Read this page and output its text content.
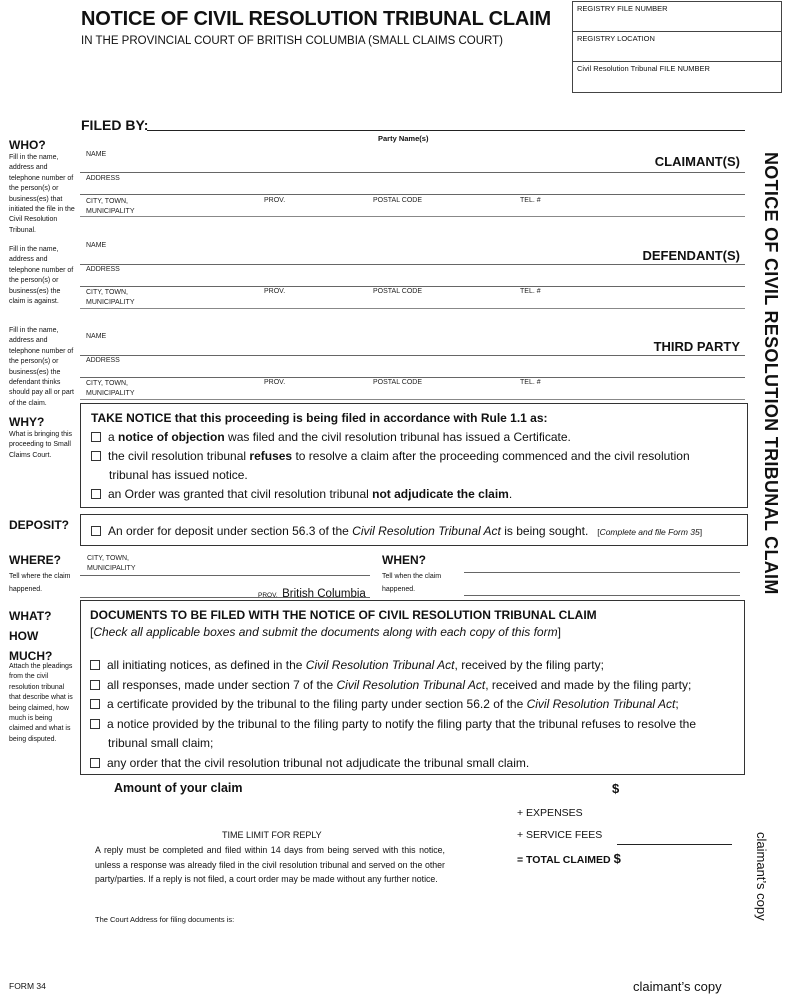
NOTICE OF CIVIL RESOLUTION TRIBUNAL CLAIM
IN THE PROVINCIAL COURT OF BRITISH COLUMBIA (SMALL CLAIMS COURT)
REGISTRY FILE NUMBER
REGISTRY LOCATION
Civil Resolution Tribunal FILE NUMBER
FILED BY:
Party Name(s)
WHO?
Fill in the name, address and telephone number of the person(s) or business(es) that initiated the file in the Civil Resolution Tribunal.
NAME	CLAIMANT(S)
ADDRESS
CITY, TOWN,
MUNICIPALITY
PROV.	POSTAL CODE	TEL. #
Fill in the name, address and telephone number of the person(s) or business(es) the claim is against.
NAME
DEFENDANT(S)
ADDRESS
CITY, TOWN,
MUNICIPALITY
PROV.	POSTAL CODE	TEL. #
Fill in the name, address and telephone number of the person(s) or business(es) the defendant thinks should pay all or part of the claim.
NAME
THIRD PARTY
ADDRESS
CITY, TOWN,
MUNICIPALITY
PROV.	POSTAL CODE	TEL. #
WHY?
What is bringing this proceeding to Small Claims Court.
TAKE NOTICE that this proceeding is being filed in accordance with Rule 1.1 as:
a notice of objection was filed and the civil resolution tribunal has issued a Certificate.
the civil resolution tribunal refuses to resolve a claim after the proceeding commenced and the civil resolution
tribunal has issued notice.
an Order was granted that civil resolution tribunal not adjudicate the claim.
DEPOSIT?	An order for deposit under section 56.3 of the Civil Resolution Tribunal Act is being sought. [Complete and file Form 35]
WHERE?
Tell where the claim happened.
CITY, TOWN,
MUNICIPALITY
PROV. British Columbia
WHEN?
Tell when the claim happened.
WHAT?
HOW
MUCH?
Attach the pleadings from the civil resolution tribunal that describe what is being claimed, how much is being claimed and what is being disputed.
DOCUMENTS TO BE FILED WITH THE NOTICE OF CIVIL RESOLUTION TRIBUNAL CLAIM
[Check all applicable boxes and submit the documents along with each copy of this form]
all initiating notices, as defined in the Civil Resolution Tribunal Act, received by the filing party;
all responses, made under section 7 of the Civil Resolution Tribunal Act, received and made by the filing party;
a certificate provided by the tribunal to the filing party under section 56.2 of the Civil Resolution Tribunal Act;
a notice provided by the tribunal to the filing party to notify the filing party that the tribunal refuses to resolve the
tribunal small claim;
any order that the civil resolution tribunal not adjudicate the tribunal small claim.
Amount of your claim	$
+ EXPENSES
+ SERVICE FEES
= TOTAL CLAIMED $
TIME LIMIT FOR REPLY
A reply must be completed and filed within 14 days from being served with this notice, unless a response was already filed in the civil resolution tribunal and served on the other party/parties. If a reply is not filed, a court order may be made without any further notice.
The Court Address for filing documents is:
NOTICE OF CIVIL RESOLUTION TRIBUNAL CLAIM
claimant’s copy
FORM 34	claimant’s copy
